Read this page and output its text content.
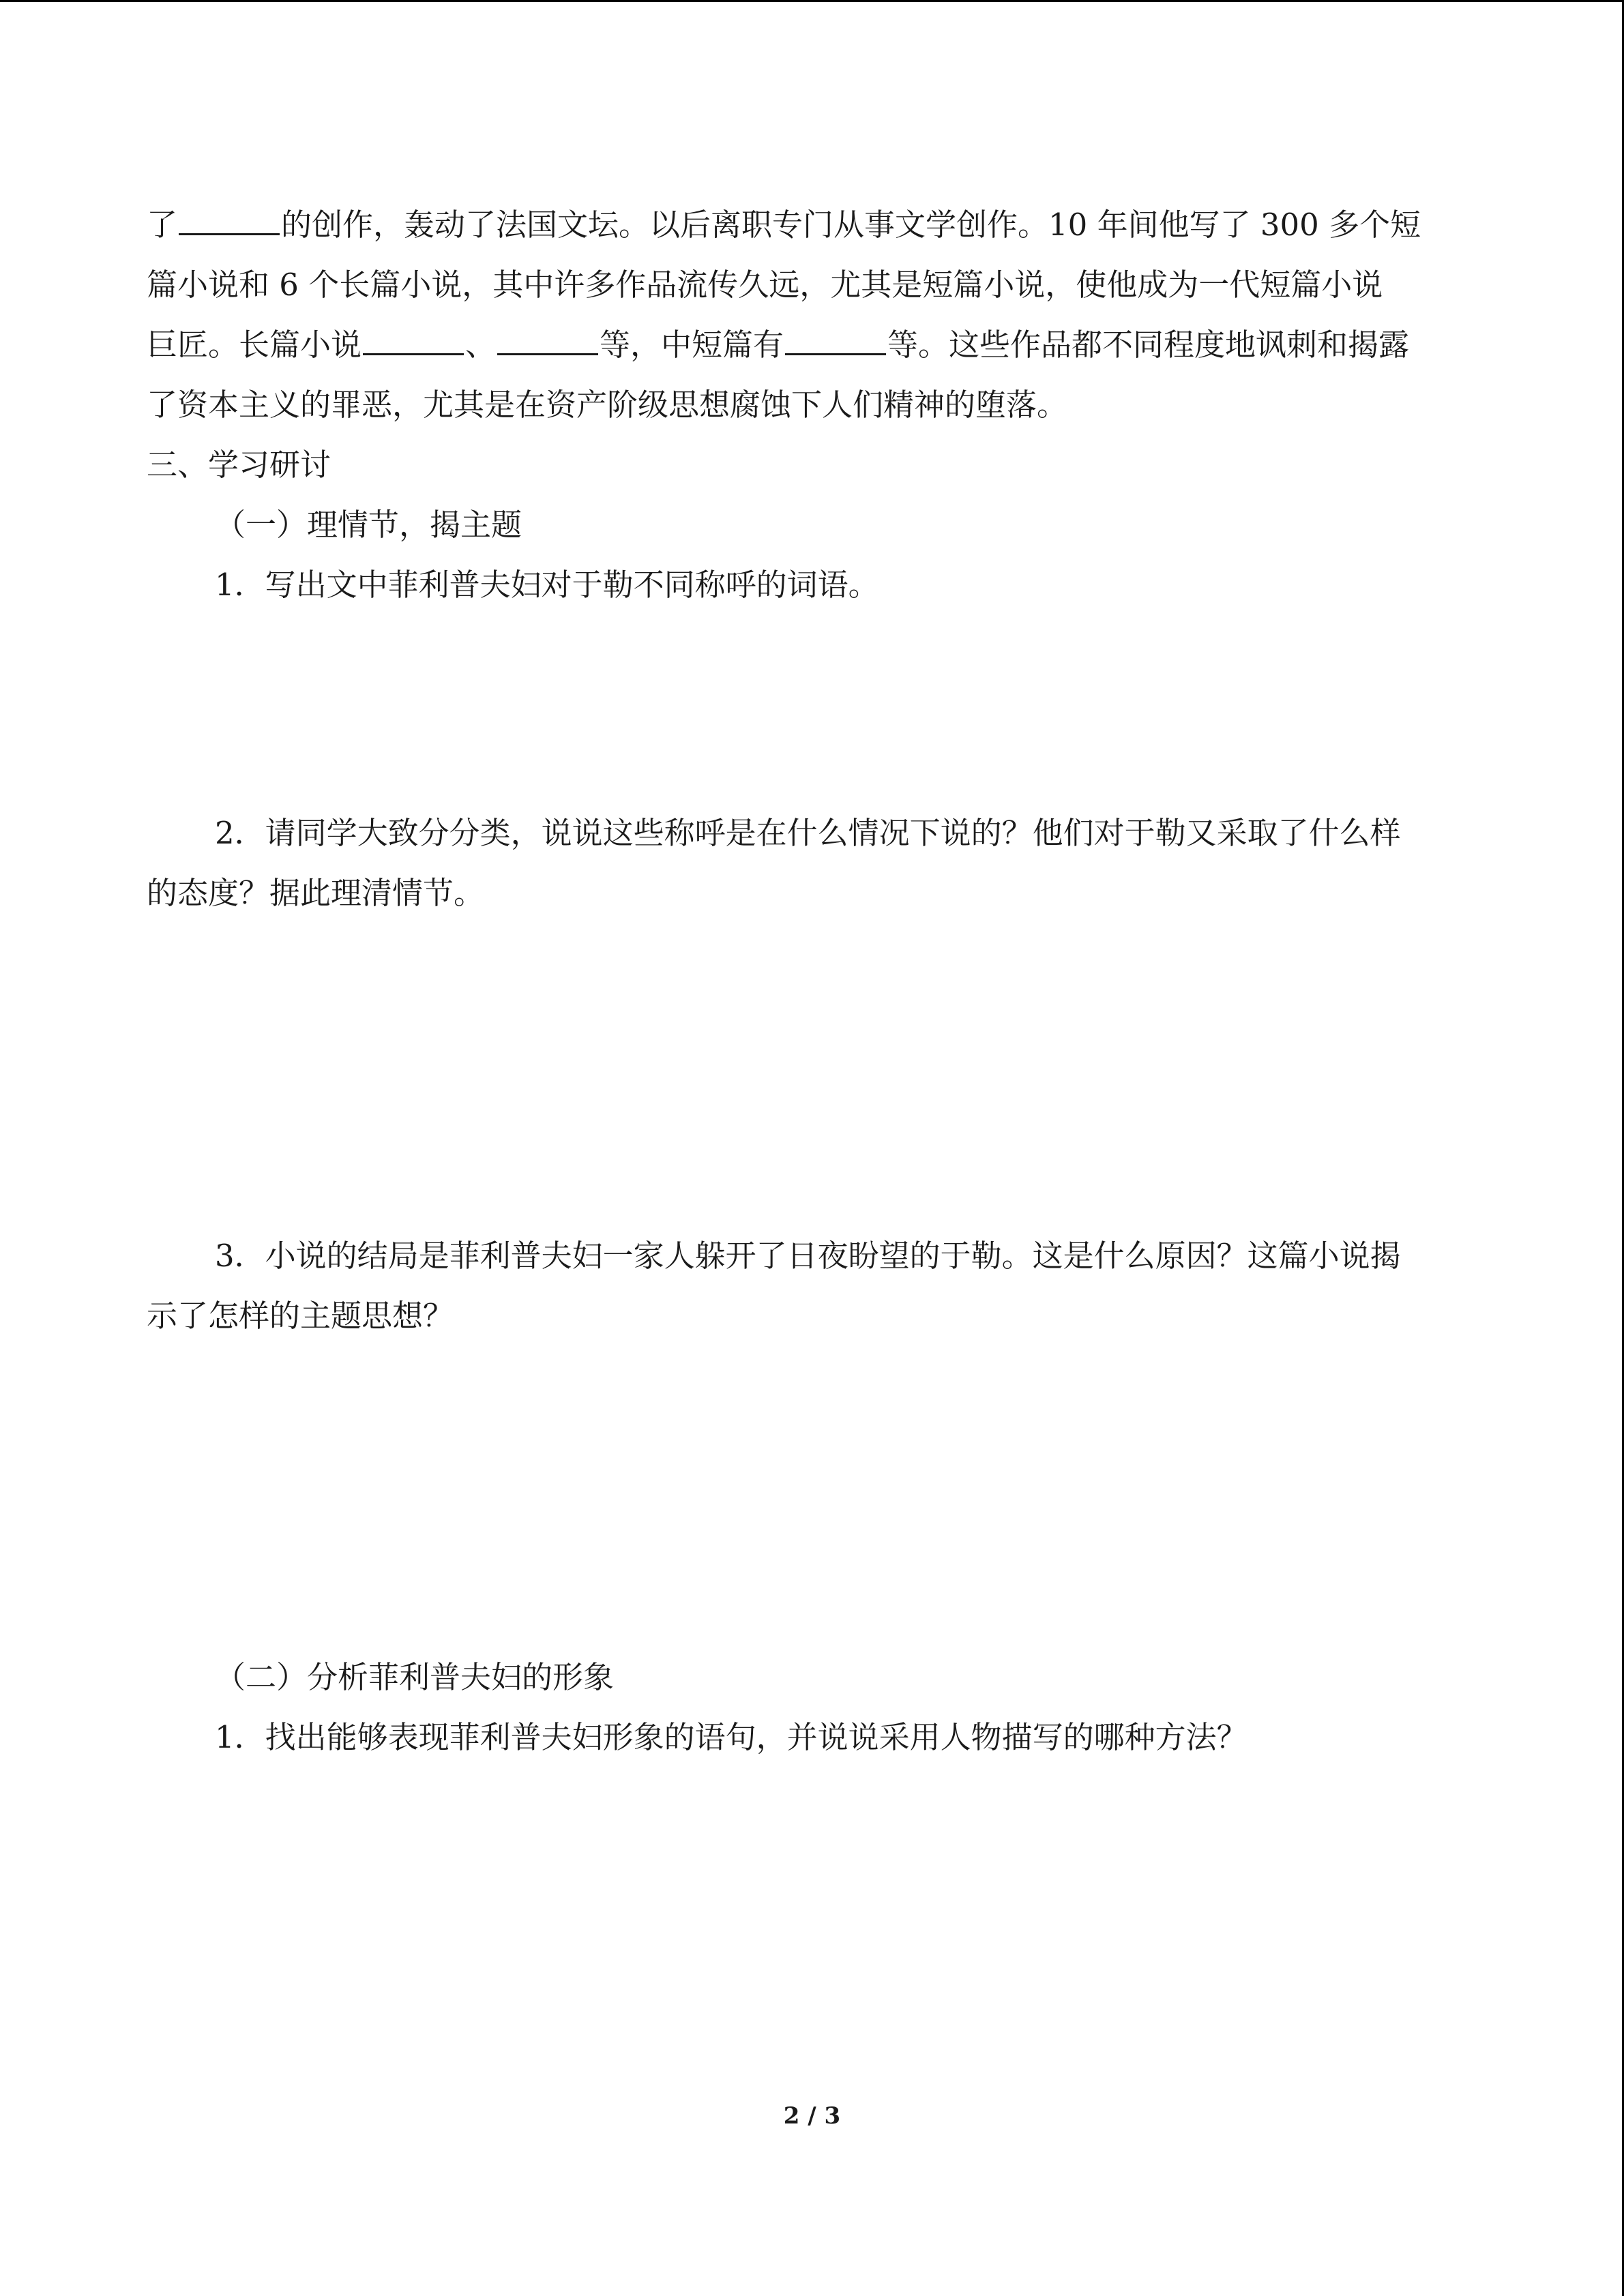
了	的创作，轰动了法国文坛。以后离职专门从事文学创作。10 年间他写了 300 多个短
篇小说和 6 个长篇小说，其中许多作品流传久远，尤其是短篇小说，使他成为一代短篇小说
巨匠。长篇小说	、	等，中短篇有	等。这些作品都不同程度地讽刺和揭露
了资本主义的罪恶，尤其是在资产阶级思想腐蚀下人们精神的堕落。
三、学习研讨
（一）理情节，揭主题
1．写出文中菲利普夫妇对于勒不同称呼的词语。
2．请同学大致分分类，说说这些称呼是在什么情况下说的？他们对于勒又采取了什么样
的态度？据此理清情节。
3．小说的结局是菲利普夫妇一家人躲开了日夜盼望的于勒。这是什么原因？这篇小说揭
示了怎样的主题思想？
（二）分析菲利普夫妇的形象
1．找出能够表现菲利普夫妇形象的语句，并说说采用人物描写的哪种方法？
2 / 3
